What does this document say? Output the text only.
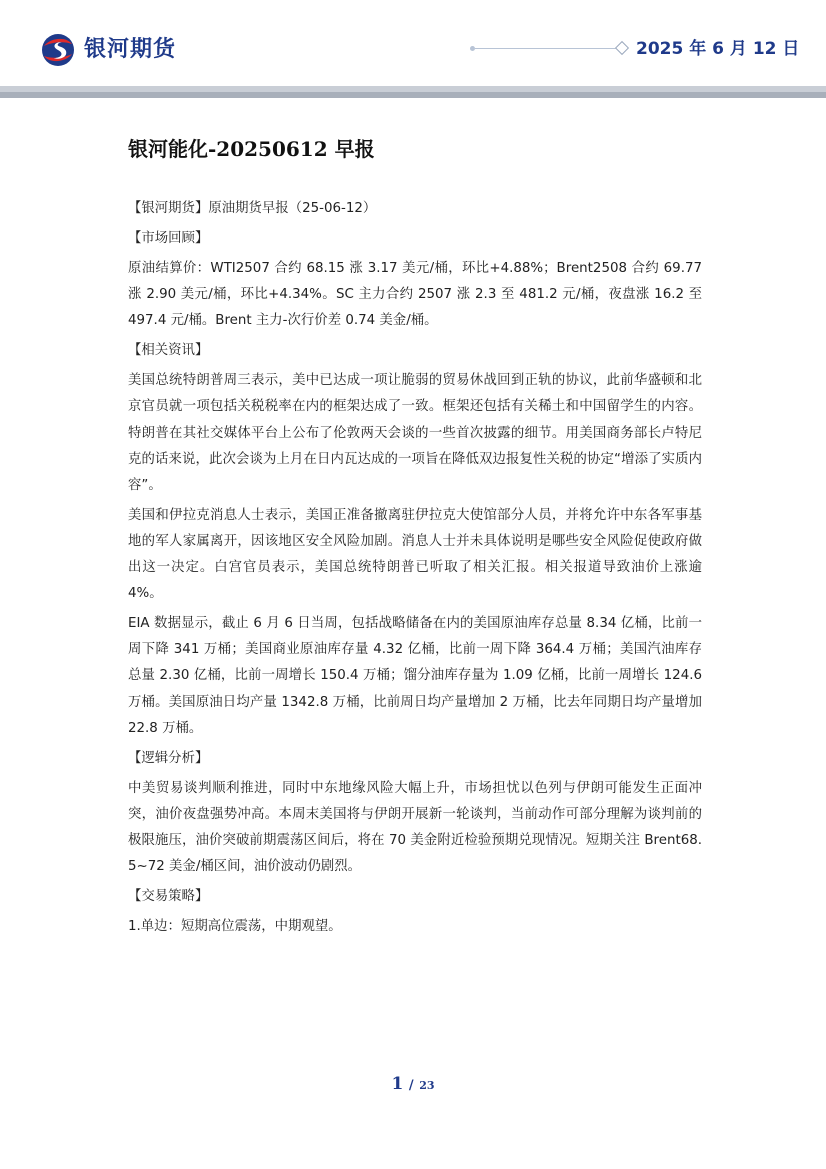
银河期货	2025 年 6 月 12 日
银河能化-20250612 早报

【银河期货】原油期货早报（25-06-12）

【市场回顾】

原油结算价：WTI2507 合约 68.15 涨 3.17 美元/桶，环比+4.88%；Brent2508 合约 69.77 涨 2.90 美元/桶，环比+4.34%。SC 主力合约 2507 涨 2.3 至 481.2 元/桶，夜盘涨 16.2 至 497.4 元/桶。Brent 主力-次行价差 0.74 美金/桶。

【相关资讯】

美国总统特朗普周三表示，美中已达成一项让脆弱的贸易休战回到正轨的协议，此前华盛顿和北京官员就一项包括关税税率在内的框架达成了一致。框架还包括有关稀土和中国留学生的内容。特朗普在其社交媒体平台上公布了伦敦两天会谈的一些首次披露的细节。用美国商务部长卢特尼克的话来说，此次会谈为上月在日内瓦达成的一项旨在降低双边报复性关税的协定“增添了实质内容”。

美国和伊拉克消息人士表示，美国正准备撤离驻伊拉克大使馆部分人员，并将允许中东各军事基地的军人家属离开，因该地区安全风险加剧。消息人士并未具体说明是哪些安全风险促使政府做出这一决定。白宫官员表示，美国总统特朗普已听取了相关汇报。相关报道导致油价上涨逾 4%。

EIA 数据显示，截止 6 月 6 日当周，包括战略储备在内的美国原油库存总量 8.34 亿桶，比前一周下降 341 万桶；美国商业原油库存量 4.32 亿桶，比前一周下降 364.4 万桶；美国汽油库存总量 2.30 亿桶，比前一周增长 150.4 万桶；馏分油库存量为 1.09 亿桶，比前一周增长 124.6 万桶。美国原油日均产量 1342.8 万桶，比前周日均产量增加 2 万桶，比去年同期日均产量增加 22.8 万桶。

【逻辑分析】

中美贸易谈判顺利推进，同时中东地缘风险大幅上升，市场担忧以色列与伊朗可能发生正面冲突，油价夜盘强势冲高。本周末美国将与伊朗开展新一轮谈判，当前动作可部分理解为谈判前的极限施压，油价突破前期震荡区间后，将在 70 美金附近检验预期兑现情况。短期关注 Brent68.5~72 美金/桶区间，油价波动仍剧烈。

【交易策略】

1.单边：短期高位震荡，中期观望。

1 / 23
